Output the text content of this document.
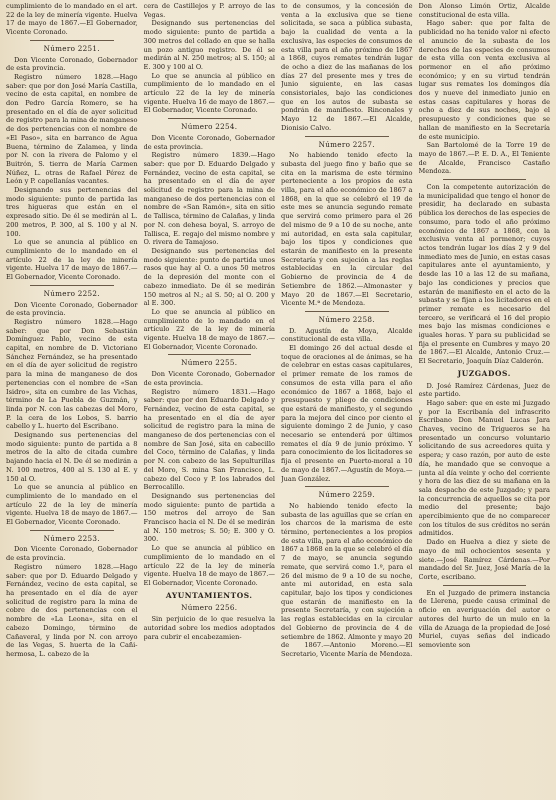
cumplimiento de lo mandado en el art. 22 de la ley de minería vigente. Huelva 17 de mayo de 1867.—El Gobernador, Vicente Coronado.

Número 2251.

Don Vicente Coronado, Gobernador de esta provincia.

Registro número 1828.—Hago saber: que por don José María Castilla, vecino de esta capital, en nombre de don Pedro García Romero, se ha presentado en el día de ayer solicitud de registro para la mina de manganeso de dos pertenencias con el nombre de «El Paso», sita en barranco de Agua Buena, término de Zalamea, y linda por N. con la rivera de Palomo y el Buitrón, S. tierra de María Carmen Núñez, L. otras de Rafael Pérez de León y P. capellanías vacantes.

Designando sus pertenencias del modo siguiente: punto de partida las tres higueras que están en el expresado sitio. De él se medirán al L. 200 metros, P. 300, al S. 100 y al N. 100.

Lo que se anuncia al público en cumplimiento de lo mandado en el artículo 22 de la ley de minería vigente. Huelva 17 de mayo de 1867.—El Gobernador, Vicente Coronado.

Número 2252.

Don Vicente Coronado, Gobernador de esta provincia.

Registro número 1828.—Hago saber: que por Don Sebastián Domínguez Pablo, vecino de esta capital, en nombre de D. Victoriano Sánchez Fernández, se ha presentado en el día de ayer solicitud de registro para la mina de manganeso de dos pertenencias con el nombre de «San Isidro», sita en cumbre de las Vichas, término de La Puebla de Guzmán, y linda por N. con las cabezas del Moro, P. la cera de los Lobos, S. barrio cabello y L. huerto del Escribano.

Designando sus pertenencias del modo siguiente: punto de partida a 8 metros de la alto de citada cumbre bajando hacia el N. De él se medirán a N. 100 metros, 400 al S. 130 al E. y 150 al O.

Lo que se anuncia al público en cumplimiento de lo mandado en el artículo 22 de la ley de minería vigente. Huelva 18 de mayo de 1867.—El Gobernador, Vicente Coronado.

Número 2253.

Don Vicente Coronado, Gobernador de esta provincia.

Registro número 1828.—Hago saber: que por D. Eduardo Delgado y Fernández, vecino de esta capital, se ha presentado en el día de ayer solicitud de registro para la mina de cobre de dos pertenencias con el nombre de «La Leona», sita en el cabezo Domingo, término de Cañaveral, y linda por N. con arroyo de las Vegas, S. huerta de la Cañi-hermosa, L. cabezo de la

cera de Castillejos y P. arroyo de las Vegas.

Designando sus pertenencias del modo siguiente: punto de partida a 300 metros del collado en que se halla un pozo antiguo registro. De él se medirán al N. 250 metros; al S. 150; al E. 300 y 100 al O.

Lo que se anuncia al público en cumplimiento de lo mandado en el artículo 22 de la ley de minería vigente. Huelva 16 de mayo de 1867.—El Gobernador, Vicente Coronado.

Número 2254.

Don Vicente Coronado, Gobernador de esta provincia.

Registro número 1839.—Hago saber: que por D. Eduardo Delgado y Fernández, vecino de esta capital, se ha presentado en el día de ayer solicitud de registro para la mina de manganeso de dos pertenencias con el nombre de «San Ramón», sita en sitio de Tallisca, término de Calañas, y linda por N. con dehesa boyal, S. arroyo de Tallisca, E. regajo del mismo nombre y O. rivera de Tamajoso.

Designando sus pertenencias del modo siguiente: punto de partida unos rasos que hay al O. a unos 50 metros de la depresión del monte con el cabezo inmediato. De él se medirán 150 metros al N.; al S. 50; al O. 200 y al E. 300.

Lo que se anuncia al público en cumplimiento de lo mandado en el artículo 22 de la ley de minería vigente. Huelva 18 de mayo de 1867.—El Gobernador, Vicente Coronado.

Número 2255.

Don Vicente Coronado, Gobernador de esta provincia.

Registro número 1831.—Hago saber: que por don Eduardo Delgado y Fernández, vecino de esta capital, se ha presentado en el día de ayer solicitud de registro para la mina de manganeso de dos pertenencias con el nombre de San José, sita en cabecillo del Coco, término de Calañas, y linda por N. con cabezo de las Sepulturillas del Moro, S. mina San Francisco, L. cabezo del Coco y P. los labrados del Berrocalillo.

Designando sus pertenencias del modo siguiente: punto de partida a 150 metros del arroyo de San Francisco hacia el N. De él se medirán al N. 150 metros; S. 50; E. 300 y O. 300.

Lo que se anuncia al público en cumplimiento de lo mandado en el artículo 22 de la ley de minería vigente. Huelva 18 de mayo de 1867.—El Gobernador, Vicente Coronado.

AYUNTAMIENTOS.
Número 2256.

Sin perjuicio de lo que resuelva la autoridad sobre los medios adoptados para cubrir el encabezamien-

to de consumos, y la concesión de venta a la exclusiva que se tiene solicitada, se saca a pública subasta, bajo la cualidad de venta a la exclusiva, las especies de consumos de esta villa para el año próximo de 1867 a 1868, cuyos remates tendrán lugar de ocho a diez de las mañanas de los días 27 del presente mes y tres de Junio siguiente, en las casas consistoriales, bajo las condiciones que en los autos de subasta se pondrán de manifiesto. Rinconales y Mayo 12 de 1867.—El Alcalde, Dionisio Calvo.

Número 2257.

No habiendo tenido efecto la subasta del juego fino y baño que se cita en la marisma de este término perteneciente a los propios de esta villa, para el año económico de 1867 a 1868, en la que se celebró el 19 de este mes se anuncia segundo remate que servirá como primero para el 26 del mismo de 9 a 10 de su noche, ante mi autoridad, en esta sala capitular, bajo los tipos y condiciones que estarán de manifiesto en la presente Secretaría y con sujeción a las reglas establecidas en la circular del Gobierno de provincia de 4 de Setiembre de 1862.—Almonaster y Mayo 20 de 1867.—El Secretario, Vicente M.ª de Mendoza.

Número 2258.

D. Agustín de Moya, Alcalde constitucional de esta villa.

El domingo 26 del actual desde el toque de oraciones al de ánimas, se ha de celebrar en estas casas capitulares, el primer remate de los ramos de consumos de esta villa para el año económico de 1867 a 1868, bajo el presupuesto y pliego de condiciones que estará de manifiesto, y el segundo para la mejora del cinco por ciento el siguiente domingo 2 de Junio, y caso necesario se entenderá por últimos remates el día 9 de junio próximo. Y para conocimiento de los licitadores se fija el presente en Puerto-moral a 10 de mayo de 1867.—Agustín de Moya.—Juan González.

Número 2259.

No habiendo tenido efecto la subasta de las aguillas que se crían en los charcos de la marisma de este término, pertenecientes a los propios de esta villa, para el año económico de 1867 a 1868 en la que se celebró el día 7 de mayo, se anuncia segundo remate, que servirá como 1.º, para el 26 del mismo de 9 a 10 de su noche, ante mi autoridad, en esta sala capitular, bajo los tipos y condiciones que estarán de manifiesto en la presente Secretaría, y con sujeción a las reglas establecidas en la circular del Gobierno de provincia de 4 de setiembre de 1862. Almonte y mayo 20 de 1867.—Antonio Moreno.—El Secretario, Vicente María de Mendoza.

Don Alonso Limón Ortiz, Alcalde constitucional de esta villa.

Hago saber: que por falta de publicidad no ha tenido valor ni efecto el anuncio de la subasta de los derechos de las especies de consumos de esta villa con venta exclusiva al pormenor en el año próximo económico; y en su virtud tendrán lugar sus remates los domingos día dos y nueve del inmediato junio en estas casas capitulares y horas de ocho a diez de sus noches, bajo el presupuesto y condiciones que se hallan de manifiesto en la Secretaría de este municipio.

San Bartolomé de la Torre 19 de mayo de 1867.—P. E. D. A., El Teniente de Alcalde, Francisco Castaño Mendoza.

Con la competente autorización de la municipalidad que tengo el honor de presidir, ha declarado en subasta pública los derechos de las especies de consumo, para todo el año próximo económico de 1867 a 1868, con la exclusiva venta al pormenor; cuyos actos tendrán lugar los días 2 y 9 del inmediato mes de Junio, en estas casas capitulares ante el ayuntamiento, y desde las 10 a las 12 de su mañana, bajo las condiciones y precios que estarán de manifiesto en el acto de la subasta y se fijan a los licitadores en el primer remate es necesario del tercero, se verificará el 16 del propio mes bajo las mismas condiciones e iguales horas. Y para su publicidad se fija el presente en Cumbres y mayo 20 de 1867.—El Alcalde, Antonio Cruz.—El Secretario, Joaquín Díaz Calderón.

JUZGADOS.

D. José Ramírez Cárdenas, Juez de este partido.

Hago saber: que en este mi Juzgado y por la Escribanía del infrascrito Escribano Don Manuel Lucas Jara Chaves, vecino de Trigueros se ha presentado un concurso voluntario solicitando de sus acreedores quita y espera; y caso razón, por auto de este día, he mandado que se convoque a junta al día veinte y ocho del corriente y hora de las diez de su mañana en la sala despacho de este Juzgado; y para la concurrencia de aquellos se cita por medio del presente; bajo apercibimiento que de no comparecer con los títulos de sus créditos no serán admitidos.

Dado en Huelva a diez y siete de mayo de mil ochocientos sesenta y siete.—José Ramírez Cárdenas.—Por mandado del Sr. Juez, José María de la Corte, escribano.

En el Juzgado de primera instancia de Llerena, puede causa criminal de oficio en averiguación del autor o autores del hurto de un mulo en la villa de Azuaga de la propiedad de José Muriel, cuyas señas del indicado semoviente son
